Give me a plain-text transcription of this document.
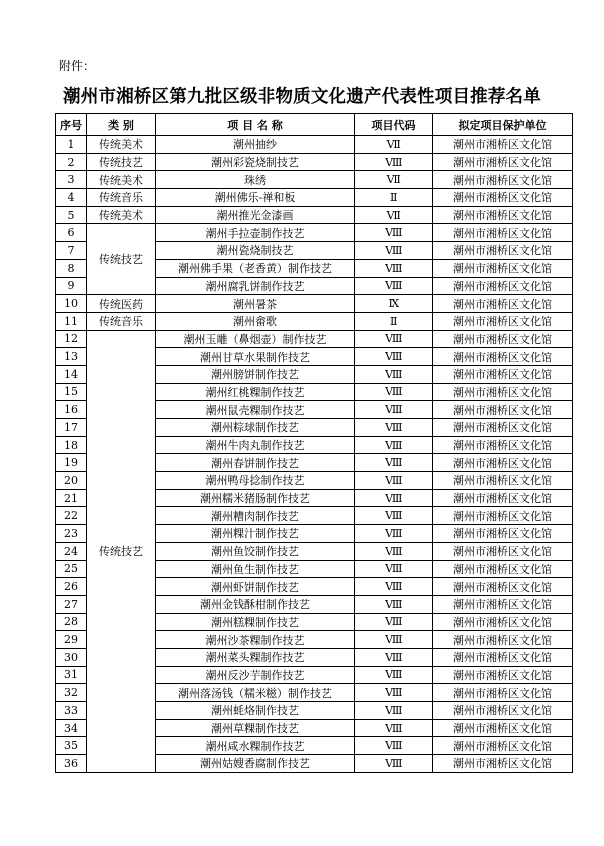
附件：
潮州市湘桥区第九批区级非物质文化遗产代表性项目推荐名单
序号	类 别	项 目 名 称	项目代码	拟定项目保护单位
1	传统美术	潮州抽纱	Ⅶ	潮州市湘桥区文化馆
2	传统技艺	潮州彩瓷烧制技艺	Ⅷ	潮州市湘桥区文化馆
3	传统美术	珠绣	Ⅶ	潮州市湘桥区文化馆
4	传统音乐	潮州佛乐-禅和板	Ⅱ	潮州市湘桥区文化馆
5	传统美术	潮州推光金漆画	Ⅶ	潮州市湘桥区文化馆
6	传统技艺	潮州手拉壶制作技艺	Ⅷ	潮州市湘桥区文化馆
7		潮州瓷烧制技艺	Ⅷ	潮州市湘桥区文化馆
8		潮州佛手果（老香黄）制作技艺	Ⅷ	潮州市湘桥区文化馆
9		潮州腐乳饼制作技艺	Ⅷ	潮州市湘桥区文化馆
10	传统医药	潮州暑茶	Ⅸ	潮州市湘桥区文化馆
11	传统音乐	潮州畲歌	Ⅱ	潮州市湘桥区文化馆
12	传统技艺	潮州玉雕（鼻烟壶）制作技艺	Ⅷ	潮州市湘桥区文化馆
13		潮州甘草水果制作技艺	Ⅷ	潮州市湘桥区文化馆
14		潮州膀饼制作技艺	Ⅷ	潮州市湘桥区文化馆
15		潮州红桃粿制作技艺	Ⅷ	潮州市湘桥区文化馆
16		潮州鼠壳粿制作技艺	Ⅷ	潮州市湘桥区文化馆
17		潮州粽球制作技艺	Ⅷ	潮州市湘桥区文化馆
18		潮州牛肉丸制作技艺	Ⅷ	潮州市湘桥区文化馆
19		潮州春饼制作技艺	Ⅷ	潮州市湘桥区文化馆
20		潮州鸭母捻制作技艺	Ⅷ	潮州市湘桥区文化馆
21		潮州糯米猪肠制作技艺	Ⅷ	潮州市湘桥区文化馆
22		潮州糟肉制作技艺	Ⅷ	潮州市湘桥区文化馆
23		潮州粿汁制作技艺	Ⅷ	潮州市湘桥区文化馆
24		潮州鱼饺制作技艺	Ⅷ	潮州市湘桥区文化馆
25		潮州鱼生制作技艺	Ⅷ	潮州市湘桥区文化馆
26		潮州虾饼制作技艺	Ⅷ	潮州市湘桥区文化馆
27		潮州金钱酥柑制作技艺	Ⅷ	潮州市湘桥区文化馆
28		潮州糕粿制作技艺	Ⅷ	潮州市湘桥区文化馆
29		潮州沙茶粿制作技艺	Ⅷ	潮州市湘桥区文化馆
30		潮州菜头粿制作技艺	Ⅷ	潮州市湘桥区文化馆
31		潮州反沙芋制作技艺	Ⅷ	潮州市湘桥区文化馆
32		潮州落汤钱（糯米糍）制作技艺	Ⅷ	潮州市湘桥区文化馆
33		潮州蚝烙制作技艺	Ⅷ	潮州市湘桥区文化馆
34		潮州草粿制作技艺	Ⅷ	潮州市湘桥区文化馆
35		潮州咸水粿制作技艺	Ⅷ	潮州市湘桥区文化馆
36		潮州姑嫂香腐制作技艺	Ⅷ	潮州市湘桥区文化馆
